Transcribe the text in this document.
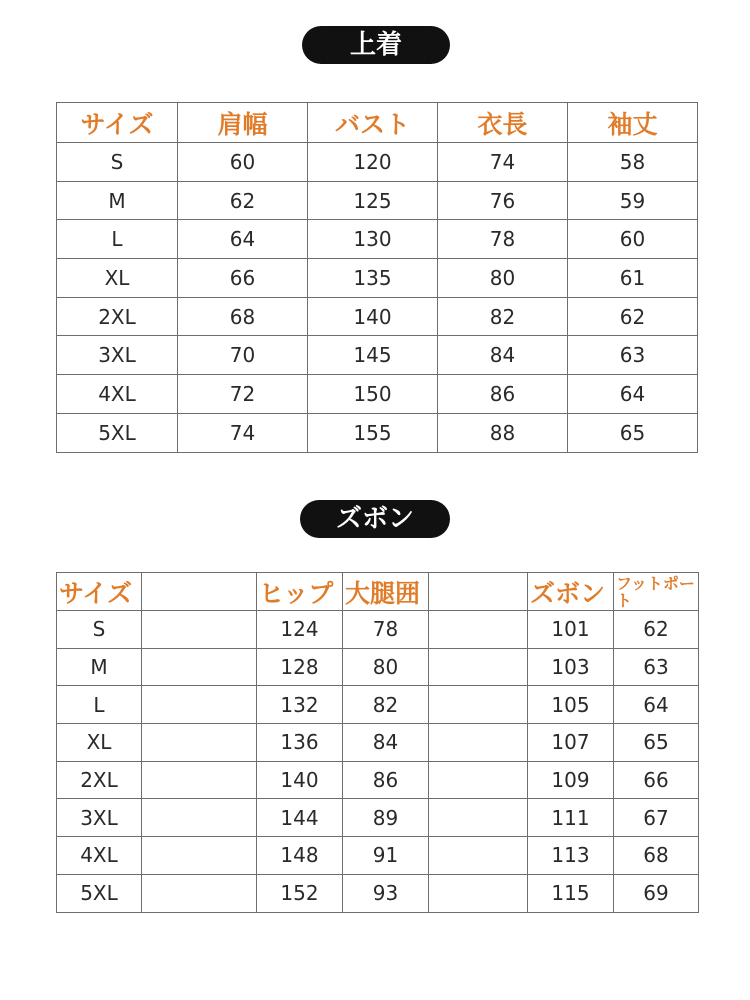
上着
サイズ	肩幅	バスト	衣長	袖丈
S	60	120	74	58
M	62	125	76	59
L	64	130	78	60
XL	66	135	80	61
2XL	68	140	82	62
3XL	70	145	84	63
4XL	72	150	86	64
5XL	74	155	88	65
ズボン
サイズ		ヒップ	大腿囲		ズボン	フットポート
S		124	78		101	62
M		128	80		103	63
L		132	82		105	64
XL		136	84		107	65
2XL		140	86		109	66
3XL		144	89		111	67
4XL		148	91		113	68
5XL		152	93		115	69
